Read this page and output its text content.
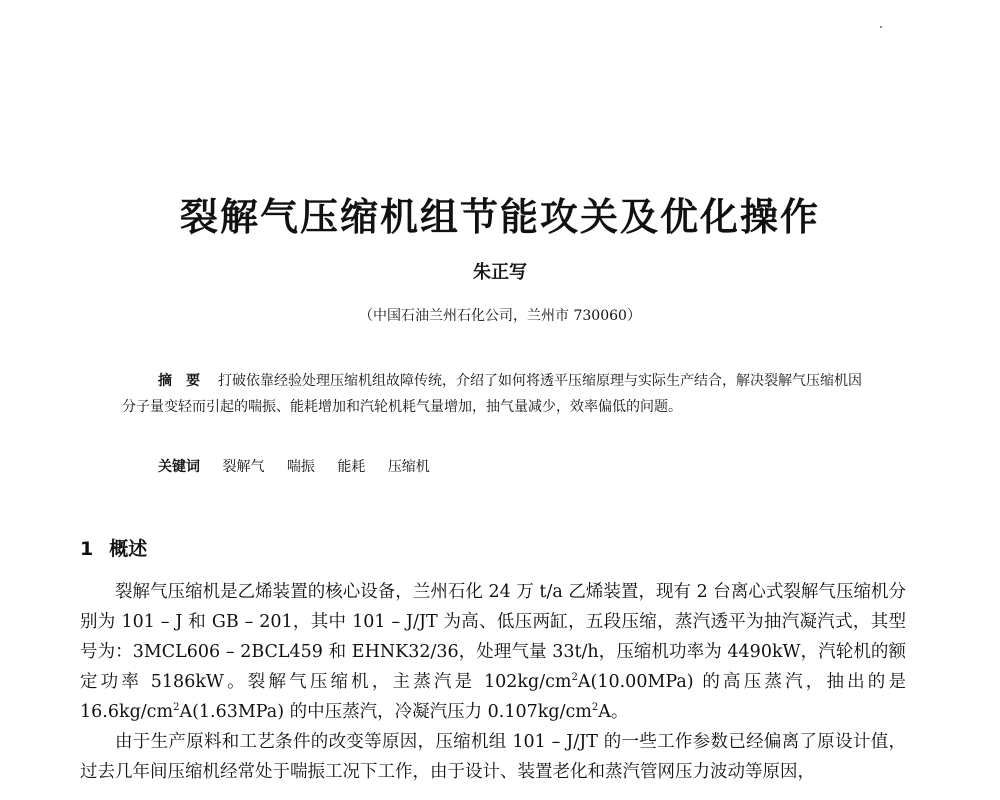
裂解气压缩机组节能攻关及优化操作
朱正写
（中国石油兰州石化公司，兰州市 730060）
摘　要 打破依靠经验处理压缩机组故障传统，介绍了如何将透平压缩原理与实际生产结合，解决裂解气压缩机因分子量变轻而引起的喘振、能耗增加和汽轮机耗气量增加，抽气量减少，效率偏低的问题。
关键词 裂解气 喘振 能耗 压缩机
1 概述

裂解气压缩机是乙烯装置的核心设备，兰州石化 24 万 t/a 乙烯装置，现有 2 台离心式裂解气压缩机分别为 101 – J 和 GB – 201，其中 101 – J/JT 为高、低压两缸，五段压缩，蒸汽透平为抽汽凝汽式，其型号为：3MCL606 – 2BCL459 和 EHNK32/36，处理气量 33t/h，压缩机功率为 4490kW，汽轮机的额定功率 5186kW。裂解气压缩机，主蒸汽是 $102kg/cm^2A(10.00MPa)$ 的高压蒸汽，抽出的是 $16.6kg/cm^2A(1.63MPa)$ 的中压蒸汽，冷凝汽压力 $0.107kg/cm^2A$。

由于生产原料和工艺条件的改变等原因，压缩机组 101 – J/JT 的一些工作参数已经偏离了原设计值，过去几年间压缩机经常处于喘振工况下工作，由于设计、装置老化和蒸汽管网压力波动等原因，
